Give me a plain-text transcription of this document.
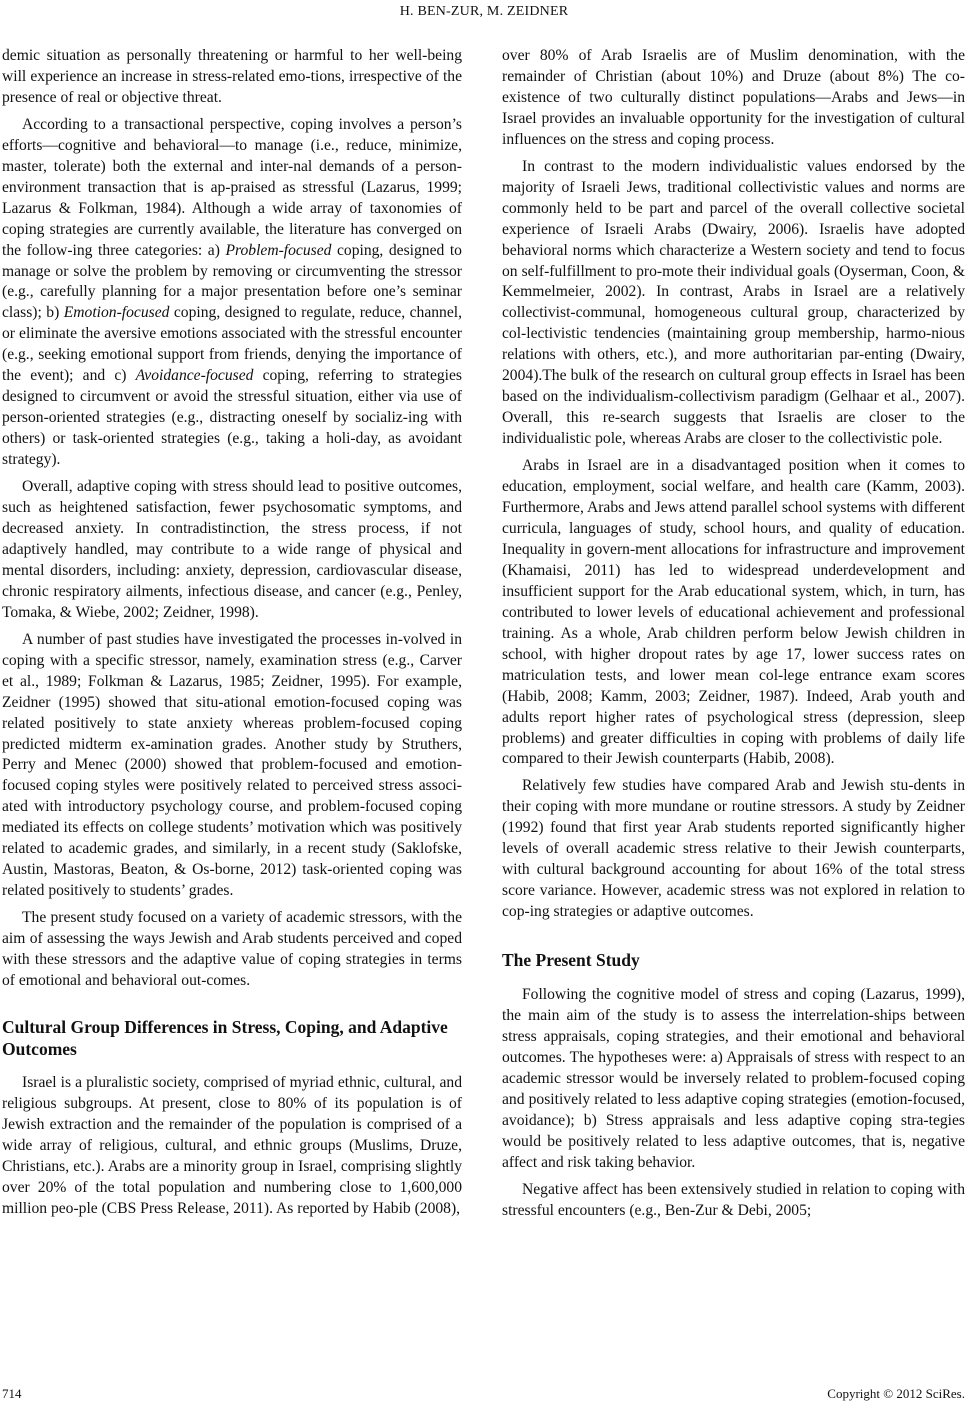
H. BEN-ZUR, M. ZEIDNER

demic situation as personally threatening or harmful to her well-being will experience an increase in stress-related emo-tions, irrespective of the presence of real or objective threat.

According to a transactional perspective, coping involves a person’s efforts—cognitive and behavioral—to manage (i.e., reduce, minimize, master, tolerate) both the external and inter-nal demands of a person-environment transaction that is ap-praised as stressful (Lazarus, 1999; Lazarus & Folkman, 1984). Although a wide array of taxonomies of coping strategies are currently available, the literature has converged on the follow-ing three categories: a) Problem-focused coping, designed to manage or solve the problem by removing or circumventing the stressor (e.g., carefully planning for a major presentation before one’s seminar class); b) Emotion-focused coping, designed to regulate, reduce, channel, or eliminate the aversive emotions associated with the stressful encounter (e.g., seeking emotional support from friends, denying the importance of the event); and c) Avoidance-focused coping, referring to strategies designed to circumvent or avoid the stressful situation, either via use of person-oriented strategies (e.g., distracting oneself by socializ-ing with others) or task-oriented strategies (e.g., taking a holi-day, as avoidant strategy).

Overall, adaptive coping with stress should lead to positive outcomes, such as heightened satisfaction, fewer psychosomatic symptoms, and decreased anxiety. In contradistinction, the stress process, if not adaptively handled, may contribute to a wide range of physical and mental disorders, including: anxiety, depression, cardiovascular disease, chronic respiratory ailments, infectious disease, and cancer (e.g., Penley, Tomaka, & Wiebe, 2002; Zeidner, 1998).

A number of past studies have investigated the processes in-volved in coping with a specific stressor, namely, examination stress (e.g., Carver et al., 1989; Folkman & Lazarus, 1985; Zeidner, 1995). For example, Zeidner (1995) showed that situ-ational emotion-focused coping was related positively to state anxiety whereas problem-focused coping predicted midterm ex-amination grades. Another study by Struthers, Perry and Menec (2000) showed that problem-focused and emotion-focused coping styles were positively related to perceived stress associ-ated with introductory psychology course, and problem-focused coping mediated its effects on college students’ motivation which was positively related to academic grades, and similarly, in a recent study (Saklofske, Austin, Mastoras, Beaton, & Os-borne, 2012) task-oriented coping was related positively to students’ grades.

The present study focused on a variety of academic stressors, with the aim of assessing the ways Jewish and Arab students perceived and coped with these stressors and the adaptive value of coping strategies in terms of emotional and behavioral out-comes.

Cultural Group Differences in Stress, Coping, and Adaptive Outcomes

Israel is a pluralistic society, comprised of myriad ethnic, cultural, and religious subgroups. At present, close to 80% of its population is of Jewish extraction and the remainder of the population is comprised of a wide array of religious, cultural, and ethnic groups (Muslims, Druze, Christians, etc.). Arabs are a minority group in Israel, comprising slightly over 20% of the total population and numbering close to 1,600,000 million peo-ple (CBS Press Release, 2011). As reported by Habib (2008),

over 80% of Arab Israelis are of Muslim denomination, with the remainder of Christian (about 10%) and Druze (about 8%) The co-existence of two culturally distinct populations—Arabs and Jews—in Israel provides an invaluable opportunity for the investigation of cultural influences on the stress and coping process.

In contrast to the modern individualistic values endorsed by the majority of Israeli Jews, traditional collectivistic values and norms are commonly held to be part and parcel of the overall collective societal experience of Israeli Arabs (Dwairy, 2006). Israelis have adopted behavioral norms which characterize a Western society and tend to focus on self-fulfillment to pro-mote their individual goals (Oyserman, Coon, & Kemmelmeier, 2002). In contrast, Arabs in Israel are a relatively collectivist-communal, homogeneous cultural group, characterized by col-lectivistic tendencies (maintaining group membership, harmo-nious relations with others, etc.), and more authoritarian par-enting (Dwairy, 2004).The bulk of the research on cultural group effects in Israel has been based on the individualism-collectivism paradigm (Gelhaar et al., 2007). Overall, this re-search suggests that Israelis are closer to the individualistic pole, whereas Arabs are closer to the collectivistic pole.

Arabs in Israel are in a disadvantaged position when it comes to education, employment, social welfare, and health care (Kamm, 2003). Furthermore, Arabs and Jews attend parallel school systems with different curricula, languages of study, school hours, and quality of education. Inequality in govern-ment allocations for infrastructure and improvement (Khamaisi, 2011) has led to widespread underdevelopment and insufficient support for the Arab educational system, which, in turn, has contributed to lower levels of educational achievement and professional training. As a whole, Arab children perform below Jewish children in school, with higher dropout rates by age 17, lower success rates on matriculation tests, and lower mean col-lege entrance exam scores (Habib, 2008; Kamm, 2003; Zeidner, 1987). Indeed, Arab youth and adults report higher rates of psychological stress (depression, sleep problems) and greater difficulties in coping with problems of daily life compared to their Jewish counterparts (Habib, 2008).

Relatively few studies have compared Arab and Jewish stu-dents in their coping with more mundane or routine stressors. A study by Zeidner (1992) found that first year Arab students reported significantly higher levels of overall academic stress relative to their Jewish counterparts, with cultural background accounting for about 16% of the total stress score variance. However, academic stress was not explored in relation to cop-ing strategies or adaptive outcomes.

The Present Study

Following the cognitive model of stress and coping (Lazarus, 1999), the main aim of the study is to assess the interrelation-ships between stress appraisals, coping strategies, and their emotional and behavioral outcomes. The hypotheses were: a) Appraisals of stress with respect to an academic stressor would be inversely related to problem-focused coping and positively related to less adaptive coping strategies (emotion-focused, avoidance); b) Stress appraisals and less adaptive coping stra-tegies would be positively related to less adaptive outcomes, that is, negative affect and risk taking behavior.

Negative affect has been extensively studied in relation to coping with stressful encounters (e.g., Ben-Zur & Debi, 2005;

714	Copyright © 2012 SciRes.
